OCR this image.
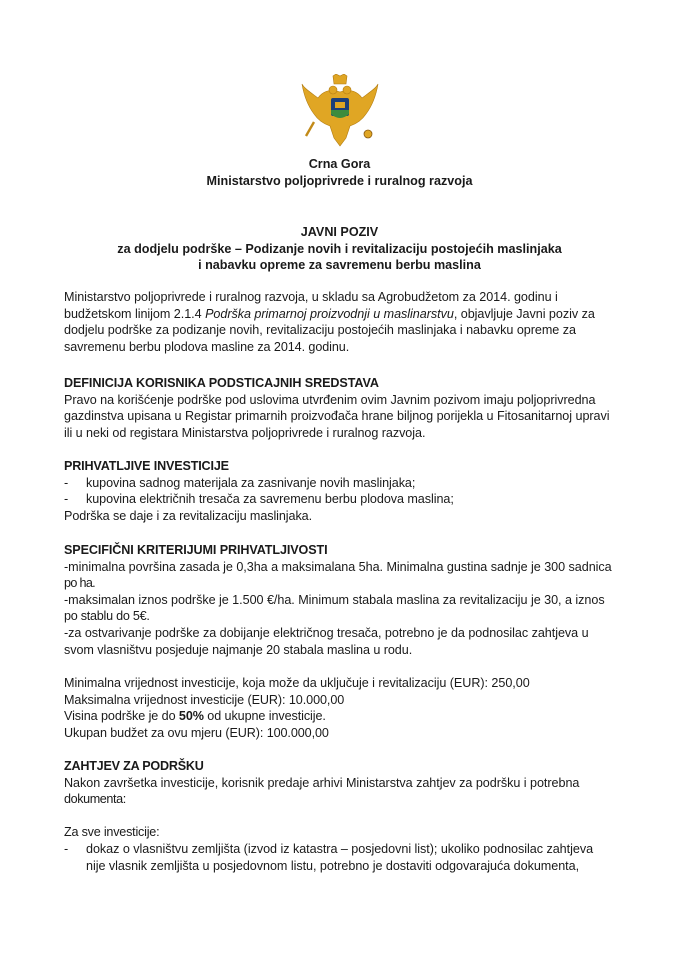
Crna Gora
Ministarstvo poljoprivrede i ruralnog razvoja
JAVNI POZIV
za dodjelu podrške – Podizanje novih i revitalizaciju postojećih maslinjaka
i nabavku opreme za savremenu berbu maslina
Ministarstvo poljoprivrede i ruralnog razvoja, u skladu sa Agrobudžetom za 2014. godinu i
budžetskom linijom 2.1.4 Podrška primarnoj proizvodnji u maslinarstvu, objavljuje Javni poziv za
dodjelu podrške za podizanje novih, revitalizaciju postojećih maslinjaka i nabavku opreme za
savremenu berbu plodova masline za 2014. godinu.
DEFINICIJA KORISNIKA PODSTICAJNIH SREDSTAVA
Pravo na korišćenje podrške pod uslovima utvrđenim ovim Javnim pozivom imaju poljoprivredna
gazdinstva upisana u Registar primarnih proizvođača hrane biljnog porijekla u Fitosanitarnoj upravi
ili u neki od registara Ministarstva poljoprivrede i ruralnog razvoja.
PRIHVATLJIVE INVESTICIJE
-	kupovina sadnog materijala za zasnivanje novih maslinjaka;
-	kupovina električnih tresača za savremenu berbu plodova maslina;
Podrška se daje i za revitalizaciju maslinjaka.
SPECIFIČNI KRITERIJUMI PRIHVATLJIVOSTI
-minimalna površina zasada je 0,3ha a maksimalana 5ha. Minimalna gustina sadnje je 300 sadnica
po ha.
-maksimalan iznos podrške je 1.500 €/ha. Minimum stabala maslina za revitalizaciju je 30, a iznos
po stablu do 5€.
-za ostvarivanje podrške za dobijanje električnog tresača, potrebno je da podnosilac zahtjeva u
svom vlasništvu posjeduje najmanje 20 stabala maslina u rodu.
Minimalna vrijednost investicije, koja može da uključuje i revitalizaciju (EUR): 250,00
Maksimalna vrijednost investicije (EUR): 10.000,00
Visina podrške je do 50% od ukupne investicije.
Ukupan budžet za ovu mjeru (EUR): 100.000,00
ZAHTJEV ZA PODRŠKU
Nakon završetka investicije, korisnik predaje arhivi Ministarstva zahtjev za podršku i potrebna
dokumenta:
Za sve investicije:
-	dokaz o vlasništvu zemljišta (izvod iz katastra – posjedovni list); ukoliko podnosilac zahtjeva
nije vlasnik zemljišta u posjedovnom listu, potrebno je dostaviti odgovarajuća dokumenta,
